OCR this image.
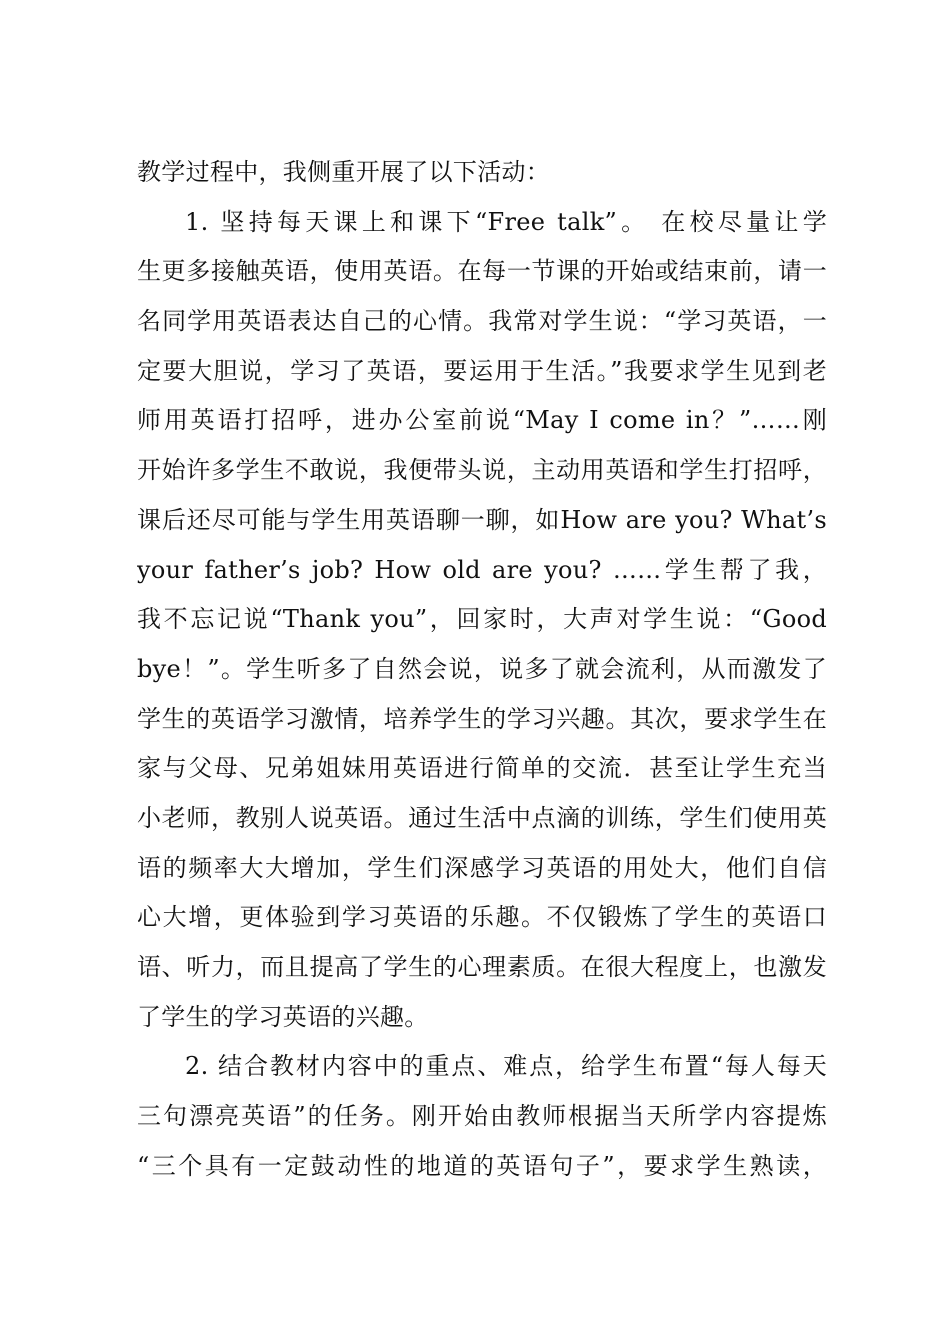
教学过程中，我侧重开展了以下活动：
1. 坚持每天课上和课下“Free talk”。 在校尽量让学
生更多接触英语，使用英语。在每一节课的开始或结束前，请一
名同学用英语表达自己的心情。我常对学生说：“学习英语，一
定要大胆说，学习了英语，要运用于生活。”我要求学生见到老
师用英语打招呼，进办公室前说“May I come in？”……刚
开始许多学生不敢说，我便带头说，主动用英语和学生打招呼，
课后还尽可能与学生用英语聊一聊，如How are you? What’s
your father’s job? How old are you? ……学生帮了我，
我不忘记说“Thank you”，回家时，大声对学生说：“Good
bye！”。学生听多了自然会说，说多了就会流利，从而激发了
学生的英语学习激情，培养学生的学习兴趣。其次，要求学生在
家与父母、兄弟姐妹用英语进行简单的交流．甚至让学生充当
小老师，教别人说英语。通过生活中点滴的训练，学生们使用英
语的频率大大增加，学生们深感学习英语的用处大，他们自信
心大增，更体验到学习英语的乐趣。不仅锻炼了学生的英语口
语、听力，而且提高了学生的心理素质。在很大程度上，也激发
了学生的学习英语的兴趣。
2. 结合教材内容中的重点、难点，给学生布置“每人每天
三句漂亮英语”的任务。刚开始由教师根据当天所学内容提炼
“三个具有一定鼓动性的地道的英语句子”，要求学生熟读，
